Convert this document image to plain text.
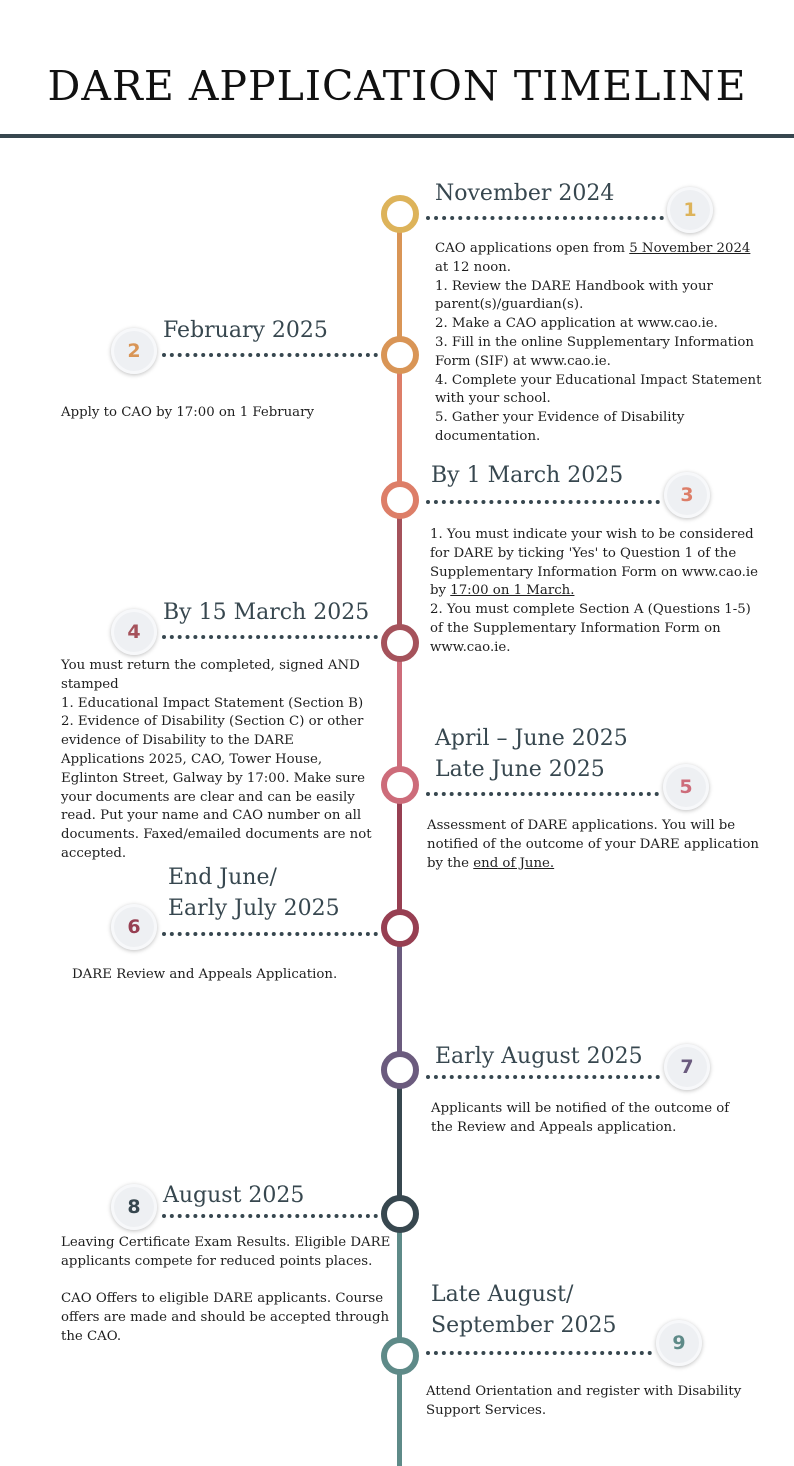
DARE APPLICATION TIMELINE
1
November 2024
CAO applications open from 5 November 2024
at 12 noon.
1. Review the DARE Handbook with your
parent(s)/guardian(s).
2. Make a CAO application at www.cao.ie.
3. Fill in the online Supplementary Information
Form (SIF) at www.cao.ie.
4. Complete your Educational Impact Statement
with your school.
5. Gather your Evidence of Disability
documentation.
2
February 2025
Apply to CAO by 17:00 on 1 February
3
By 1 March 2025
1. You must indicate your wish to be considered
for DARE by ticking 'Yes' to Question 1 of the
Supplementary Information Form on www.cao.ie
by 17:00 on 1 March.
2. You must complete Section A (Questions 1-5)
of the Supplementary Information Form on
www.cao.ie.
4
By 15 March 2025
You must return the completed, signed AND
stamped
1. Educational Impact Statement (Section B)
2. Evidence of Disability (Section C) or other
evidence of Disability to the DARE
Applications 2025, CAO, Tower House,
Eglinton Street, Galway by 17:00. Make sure
your documents are clear and can be easily
read. Put your name and CAO number on all
documents. Faxed/emailed documents are not
accepted.
5
April – June 2025
Late June 2025
Assessment of DARE applications. You will be
notified of the outcome of your DARE application
by the end of June.
6
End June/
Early July 2025
DARE Review and Appeals Application.
7
Early August 2025
Applicants will be notified of the outcome of
the Review and Appeals application.
8	August 2025
Leaving Certificate Exam Results. Eligible DARE
applicants compete for reduced points places.
CAO Offers to eligible DARE applicants. Course
offers are made and should be accepted through
the CAO.	9
Late August/
September 2025
Attend Orientation and register with Disability
Support Services.
